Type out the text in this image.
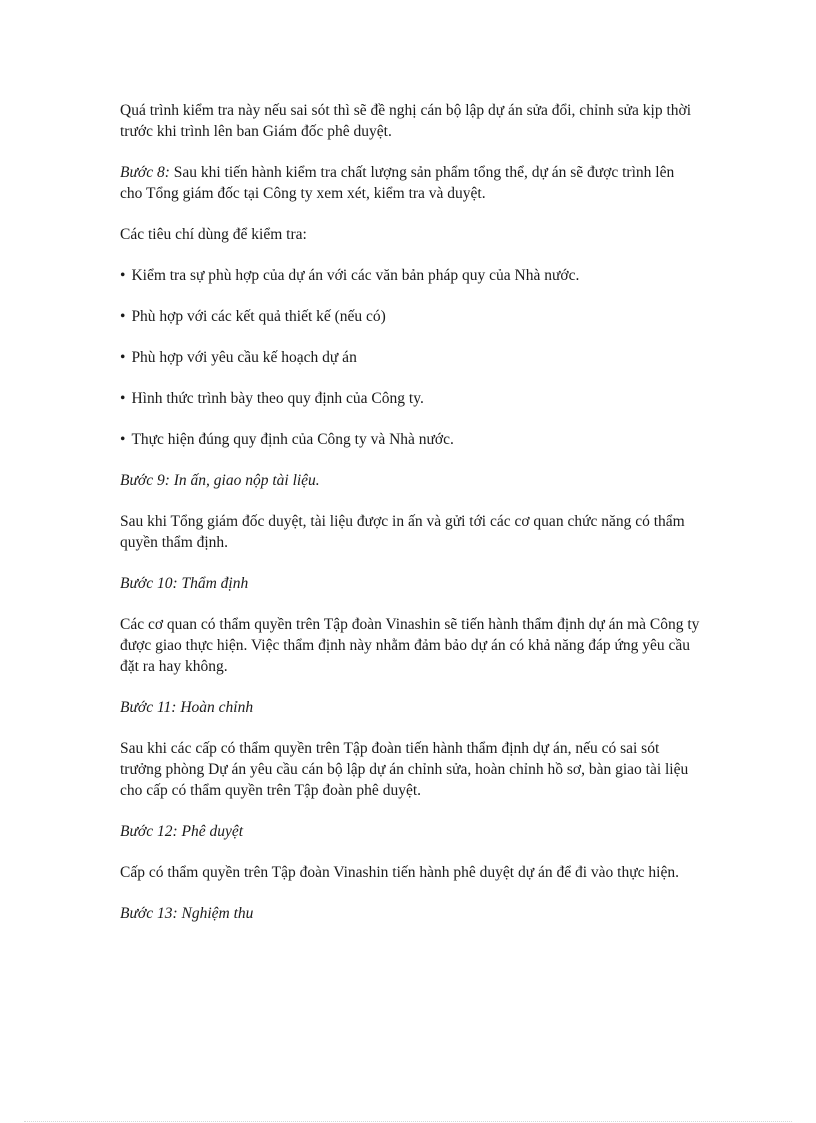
Quá trình kiểm tra này nếu sai sót thì sẽ đề nghị cán bộ lập dự án sửa đổi, chỉnh sửa kịp thời trước khi trình lên ban Giám đốc phê duyệt.

Bước 8: Sau khi tiến hành kiểm tra chất lượng sản phẩm tổng thể, dự án sẽ được trình lên cho Tổng giám đốc tại Công ty xem xét, kiểm tra và duyệt.

Các tiêu chí dùng để kiểm tra:

• Kiểm tra sự phù hợp của dự án với các văn bản pháp quy của Nhà nước.

• Phù hợp với các kết quả thiết kế (nếu có)

• Phù hợp với yêu cầu kế hoạch dự án

• Hình thức trình bày theo quy định của Công ty.

• Thực hiện đúng quy định của Công ty và Nhà nước.

Bước 9: In ấn, giao nộp tài liệu.

Sau khi Tổng giám đốc duyệt, tài liệu được in ấn và gửi tới các cơ quan chức năng có thẩm quyền thẩm định.

Bước 10: Thẩm định

Các cơ quan có thẩm quyền trên Tập đoàn Vinashin sẽ tiến hành thẩm định dự án mà Công ty được giao thực hiện. Việc thẩm định này nhằm đảm bảo dự án có khả năng đáp ứng yêu cầu đặt ra hay không.

Bước 11: Hoàn chỉnh

Sau khi các cấp có thẩm quyền trên Tập đoàn tiến hành thẩm định dự án, nếu có sai sót trưởng phòng Dự án yêu cầu cán bộ lập dự án chỉnh sửa, hoàn chỉnh hồ sơ, bàn giao tài liệu cho cấp có thẩm quyền trên Tập đoàn phê duyệt.

Bước 12: Phê duyệt

Cấp có thẩm quyền trên Tập đoàn Vinashin tiến hành phê duyệt dự án để đi vào thực hiện.

Bước 13: Nghiệm thu
